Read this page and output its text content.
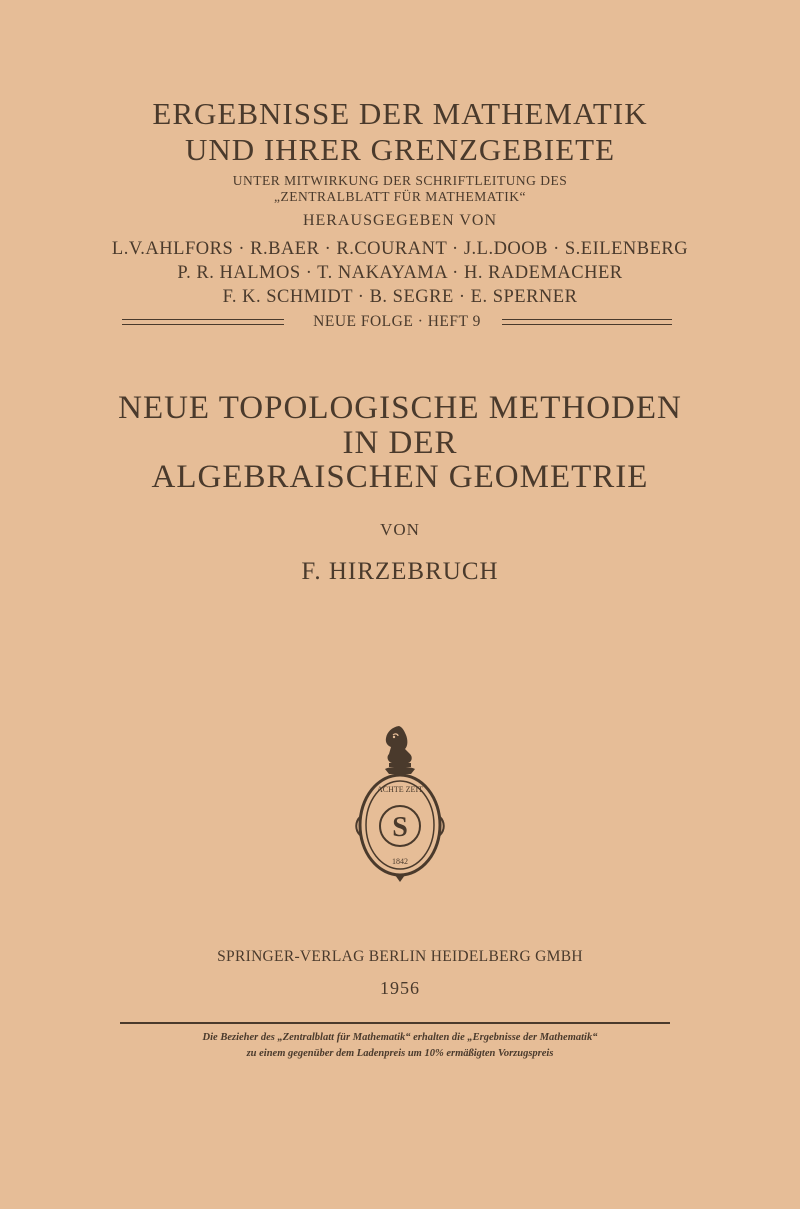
ERGEBNISSE DER MATHEMATIK
UND IHRER GRENZGEBIETE
UNTER MITWIRKUNG DER SCHRIFTLEITUNG DES
„ZENTRALBLATT FÜR MATHEMATIK“
HERAUSGEGEBEN VON
L.V.AHLFORS · R.BAER · R.COURANT · J.L.DOOB · S.EILENBERG
P. R. HALMOS · T. NAKAYAMA · H. RADEMACHER
F. K. SCHMIDT · B. SEGRE · E. SPERNER
NEUE FOLGE · HEFT 9
NEUE TOPOLOGISCHE METHODEN
IN DER
ALGEBRAISCHEN GEOMETRIE
VON
F. HIRZEBRUCH
S
ACHTE ZEIT
1842
SPRINGER-VERLAG BERLIN HEIDELBERG GMBH
1956
Die Bezieher des „Zentralblatt für Mathematik“ erhalten die „Ergebnisse der Mathematik“
zu einem gegenüber dem Ladenpreis um 10% ermäßigten Vorzugspreis
